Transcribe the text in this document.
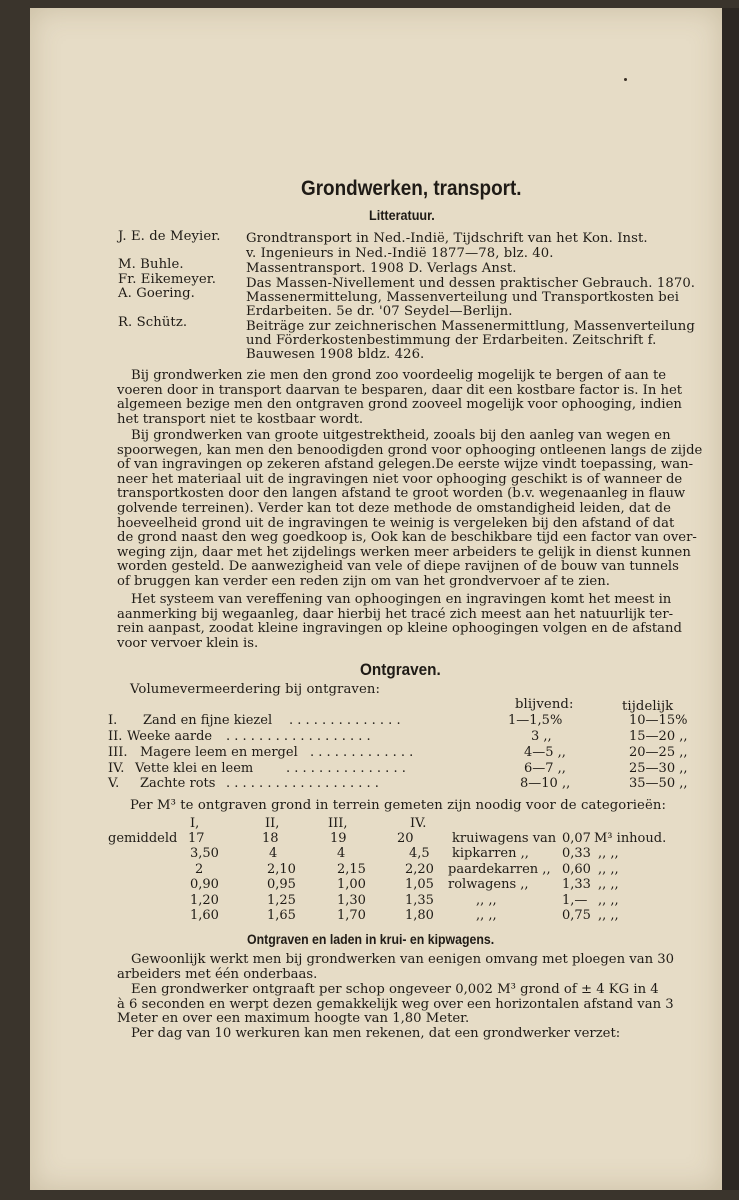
Grondwerken, transport.
Litteratuur.
J. E. de Meyier. Grondtransport in Ned.-Indië, Tijdschrift van het Kon. Inst.
v. Ingenieurs in Ned.-Indië 1877—78, blz. 40.
M. Buhle.	Massentransport. 1908 D. Verlags Anst.
Fr. Eikemeyer. Das Massen-Nivellement und dessen praktischer Gebrauch. 1870.
A. Goering.	Massenermittelung, Massenverteilung und Transportkosten bei
Erdarbeiten. 5e dr. '07 Seydel—Berlijn.
R. Schütz.	Beiträge zur zeichnerischen Massenermittlung, Massenverteilung
und Förderkostenbestimmung der Erdarbeiten. Zeitschrift f.
Bauwesen 1908 bldz. 426.
Bij grondwerken zie men den grond zoo voordeelig mogelijk te bergen of aan te
voeren door in transport daarvan te besparen, daar dit een kostbare factor is. In het
algemeen bezige men den ontgraven grond zooveel mogelijk voor ophooging, indien
het transport niet te kostbaar wordt.
Bij grondwerken van groote uitgestrektheid, zooals bij den aanleg van wegen en
spoorwegen, kan men den benoodigden grond voor ophooging ontleenen langs de zijde
of van ingravingen op zekeren afstand gelegen.De eerste wijze vindt toepassing, wan-
neer het materiaal uit de ingravingen niet voor ophooging geschikt is of wanneer de
transportkosten door den langen afstand te groot worden (b.v. wegenaanleg in flauw
golvende terreinen). Verder kan tot deze methode de omstandigheid leiden, dat de
hoeveelheid grond uit de ingravingen te weinig is vergeleken bij den afstand of dat
de grond naast den weg goedkoop is, Ook kan de beschikbare tijd een factor van over-
weging zijn, daar met het zijdelings werken meer arbeiders te gelijk in dienst kunnen
worden gesteld. De aanwezigheid van vele of diepe ravijnen of de bouw van tunnels
of bruggen kan verder een reden zijn om van het grondvervoer af te zien.
Het systeem van vereffening van ophoogingen en ingravingen komt het meest in
aanmerking bij wegaanleg, daar hierbij het tracé zich meest aan het natuurlijk ter-
rein aanpast, zoodat kleine ingravingen op kleine ophoogingen volgen en de afstand
voor vervoer klein is.
Ontgraven.
Volumevermeerdering bij ontgraven:
blijvend:	tijdelijk
I. Zand en fijne kiezel . . . . . . . . . . . . . .	1—1,5%	10—15%
II. Weeke aarde . . . . . . . . . . . . . . . . . .	3 ,,	15—20 ,,
III. Magere leem en mergel . . . . . . . . . . . . .	4—5 ,,	20—25 ,,
IV. Vette klei en leem	. . . . . . . . . . . . . . .	6—7 ,,	25—30 ,,
V. Zachte rots . . . . . . . . . . . . . . . . . . .	8—10 ,,	35—50 ,,
Per M³ te ontgraven grond in terrein gemeten zijn noodig voor de categorieën:
I,	II,	III,	IV.
gemiddeld 17	18	19	20	kruiwagens van 0,07 M³ inhoud.
3,50	4	4	4,5 kipkarren ,,	0,33 ,, ,,
2	2,10	2,15	2,20 paardekarren ,, 0,60 ,, ,,
0,90	0,95	1,00	1,05 rolwagens ,,	1,33 ,, ,,
1,20	1,25	1,30	1,35	,, ,,	1,— ,, ,,
1,60	1,65	1,70	1,80	,, ,,	0,75 ,, ,,
Ontgraven en laden in krui- en kipwagens.
Gewoonlijk werkt men bij grondwerken van eenigen omvang met ploegen van 30
arbeiders met één onderbaas.
Een grondwerker ontgraaft per schop ongeveer 0,002 M³ grond of ± 4 KG in 4
à 6 seconden en werpt dezen gemakkelijk weg over een horizontalen afstand van 3
Meter en over een maximum hoogte van 1,80 Meter.
Per dag van 10 werkuren kan men rekenen, dat een grondwerker verzet:
